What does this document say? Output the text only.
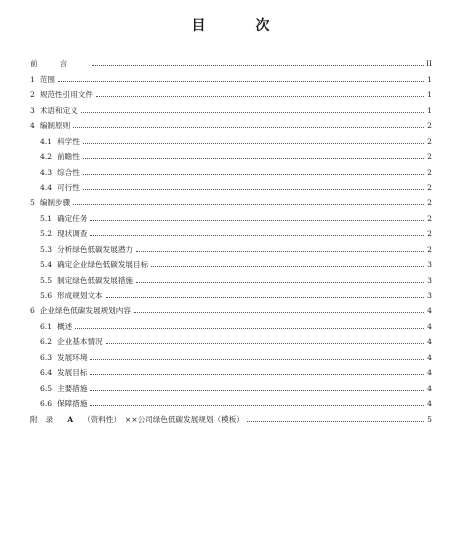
目　次
前言	II
1 范围	1
2 规范性引用文件	1
3 术语和定义	1
4 编制原则	2
4.1 科学性	2
4.2 前瞻性	2
4.3 综合性	2
4.4 可行性	2
5 编制步骤	2
5.1 确定任务	2
5.2 现状调查	2
5.3 分析绿色低碳发展潜力	2
5.4 确定企业绿色低碳发展目标	3
5.5 制定绿色低碳发展措施	3
5.6 形成规划文本	3
6 企业绿色低碳发展规划内容	4
6.1 概述	4
6.2 企业基本情况	4
6.3 发展环境	4
6.4 发展目标	4
6.5 主要措施	4
6.6 保障措施	4
附录 A （资料性）　××公司绿色低碳发展规划（模板）	5
